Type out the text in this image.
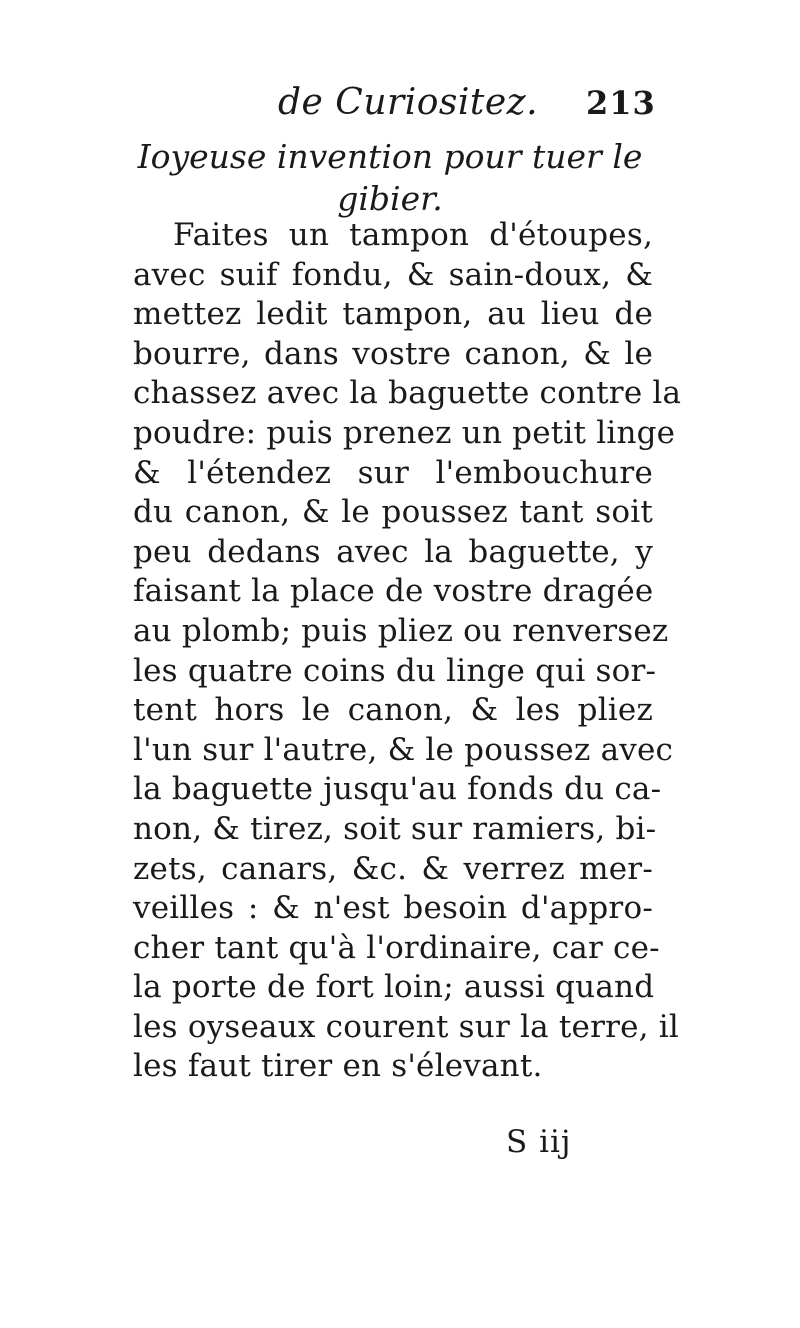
de Curiositez. 213
Ioyeuse invention pour tuer le
gibier.
Faites un tampon d'étoupes,
avec suif fondu, & sain-doux, &
mettez ledit tampon, au lieu de
bourre, dans vostre canon, & le
chassez avec la baguette contre la
poudre: puis prenez un petit linge
& l'étendez sur l'embouchure
du canon, & le poussez tant soit
peu dedans avec la baguette, y
faisant la place de vostre dragée
au plomb; puis pliez ou renversez
les quatre coins du linge qui sor-
tent hors le canon, & les pliez
l'un sur l'autre, & le poussez avec
la baguette jusqu'au fonds du ca-
non, & tirez, soit sur ramiers, bi-
zets, canars, &c. & verrez mer-
veilles : & n'est besoin d'appro-
cher tant qu'à l'ordinaire, car ce-
la porte de fort loin; aussi quand
les oyseaux courent sur la terre, il
les faut tirer en s'élevant.
S iij
